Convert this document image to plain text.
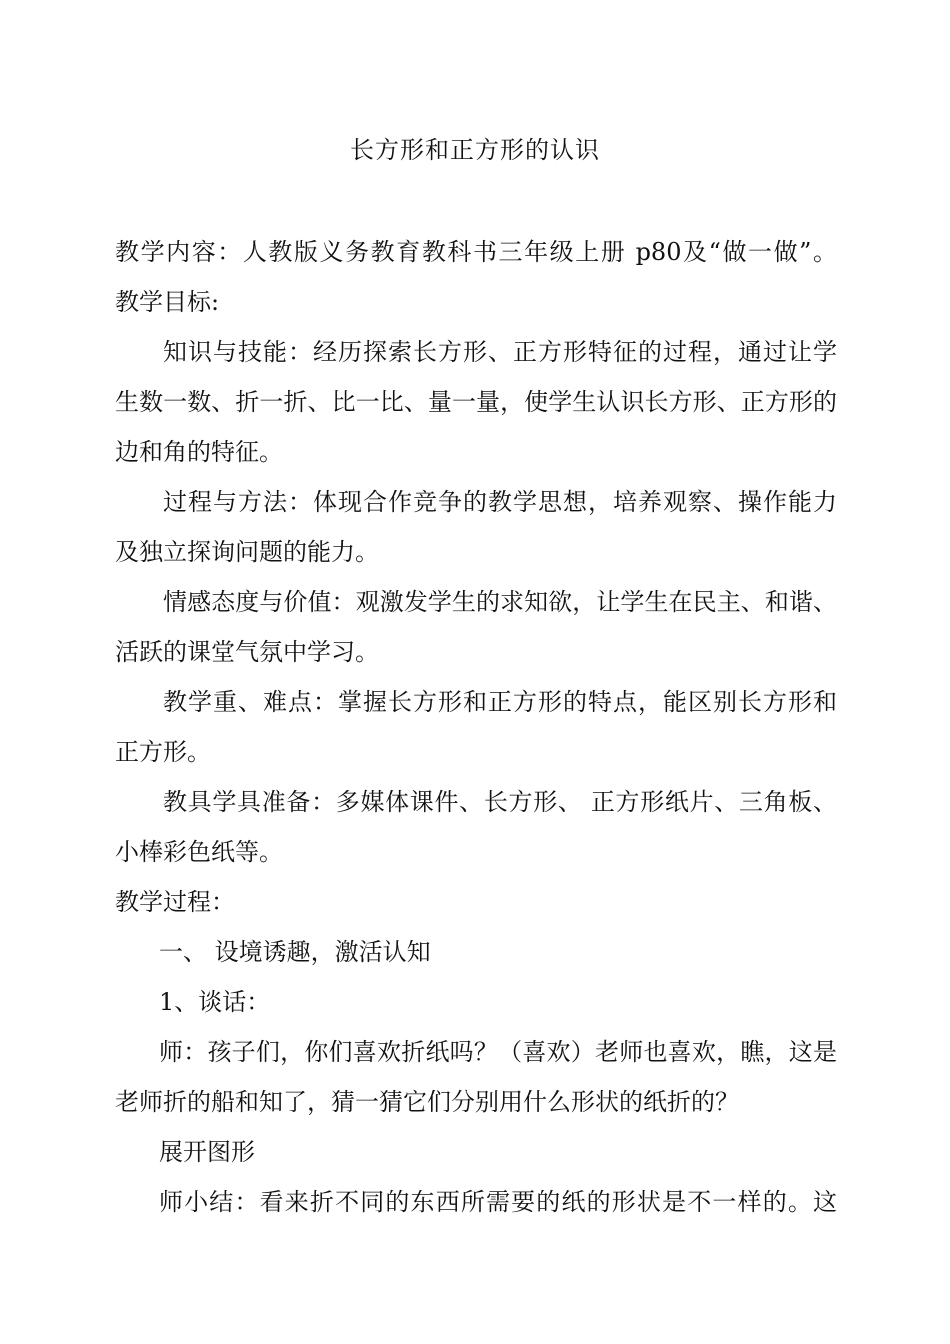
长方形和正方形的认识
教学内容：人教版义务教育教科书三年级上册 p80及“做一做”。
教学目标:
知识与技能：经历探索长方形、正方形特征的过程，通过让学
生数一数、折一折、比一比、量一量，使学生认识长方形、正方形的
边和角的特征。
过程与方法：体现合作竞争的教学思想，培养观察、操作能力
及独立探询问题的能力。
情感态度与价值：观激发学生的求知欲，让学生在民主、和谐、
活跃的课堂气氛中学习。
教学重、难点：掌握长方形和正方形的特点，能区别长方形和
正方形。
教具学具准备：多媒体课件、长方形、 正方形纸片、三角板、
小棒彩色纸等。
教学过程：
一、 设境诱趣，激活认知
1、谈话：
师：孩子们，你们喜欢折纸吗？（喜欢）老师也喜欢，瞧，这是
老师折的船和知了，猜一猜它们分别用什么形状的纸折的？
展开图形
师小结：看来折不同的东西所需要的纸的形状是不一样的。这
